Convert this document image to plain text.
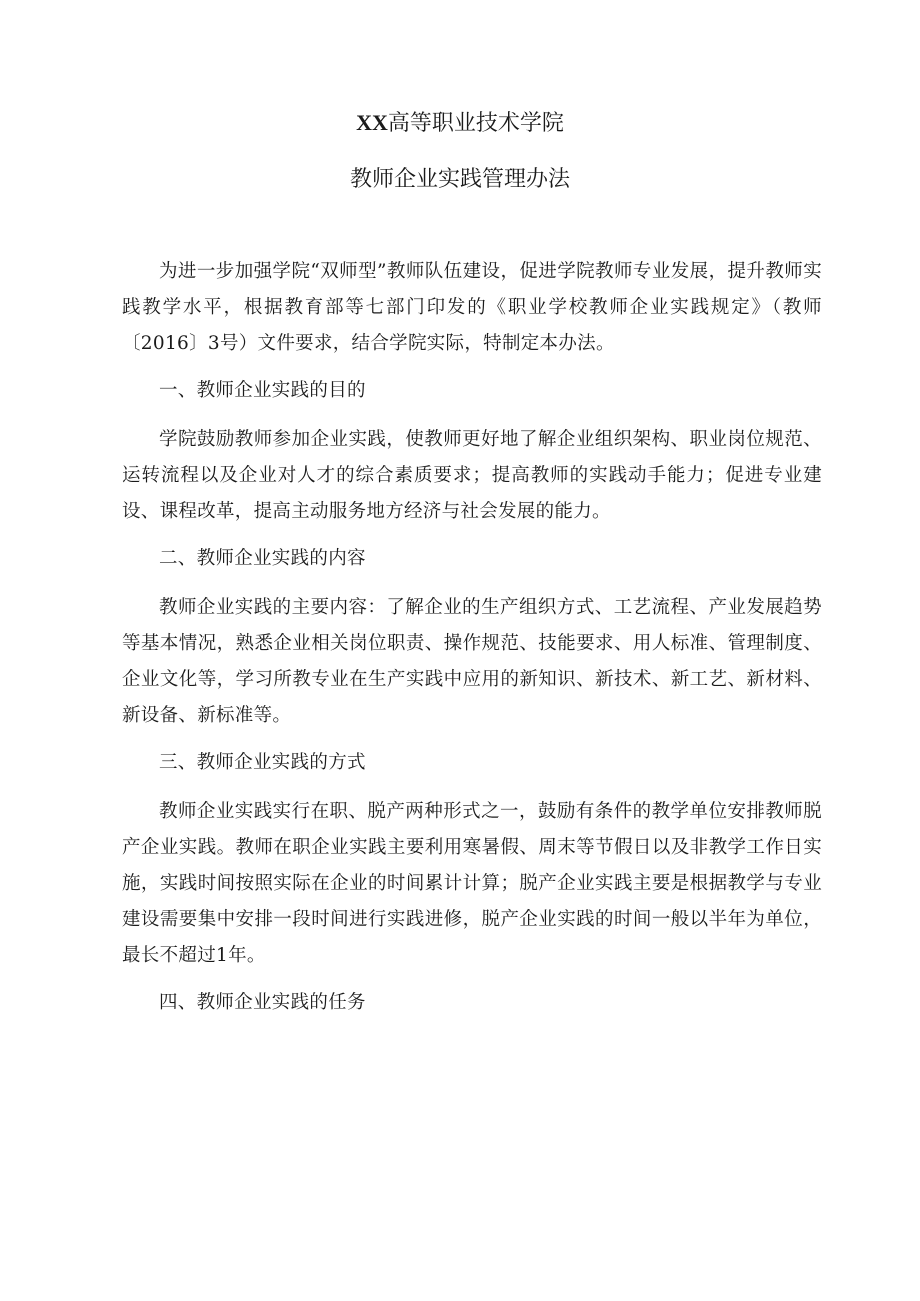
XX高等职业技术学院

教师企业实践管理办法

为进一步加强学院“双师型”教师队伍建设，促进学院教师专业发展，提升教师实践教学水平，根据教育部等七部门印发的《职业学校教师企业实践规定》（教师〔2016〕3号）文件要求，结合学院实际，特制定本办法。

一、教师企业实践的目的

学院鼓励教师参加企业实践，使教师更好地了解企业组织架构、职业岗位规范、运转流程以及企业对人才的综合素质要求；提高教师的实践动手能力；促进专业建设、课程改革，提高主动服务地方经济与社会发展的能力。

二、教师企业实践的内容

教师企业实践的主要内容：了解企业的生产组织方式、工艺流程、产业发展趋势等基本情况，熟悉企业相关岗位职责、操作规范、技能要求、用人标准、管理制度、企业文化等，学习所教专业在生产实践中应用的新知识、新技术、新工艺、新材料、新设备、新标准等。

三、教师企业实践的方式

教师企业实践实行在职、脱产两种形式之一，鼓励有条件的教学单位安排教师脱产企业实践。教师在职企业实践主要利用寒暑假、周末等节假日以及非教学工作日实施，实践时间按照实际在企业的时间累计计算；脱产企业实践主要是根据教学与专业建设需要集中安排一段时间进行实践进修，脱产企业实践的时间一般以半年为单位，最长不超过1年。

四、教师企业实践的任务
